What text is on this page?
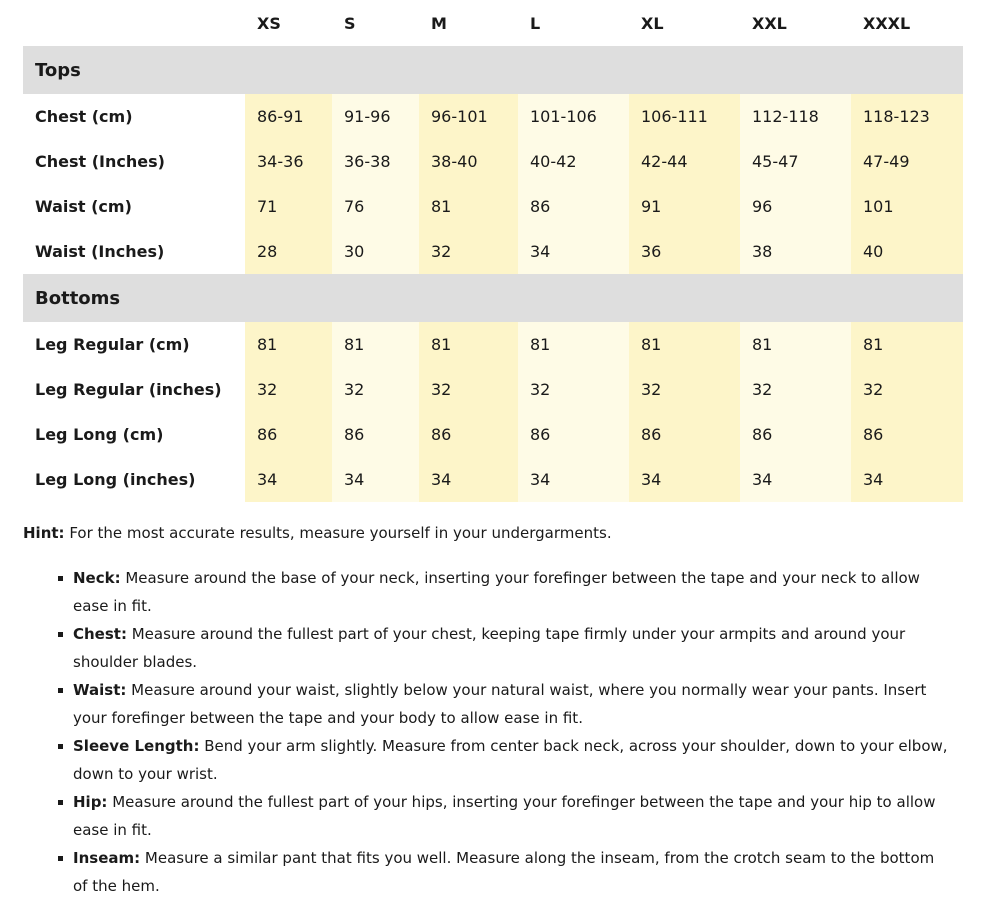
	XS	S	M	L	XL	XXL	XXXL
Tops							
Chest (cm)	86-91	91-96	96-101	101-106	106-111	112-118	118-123
Chest (Inches)	34-36	36-38	38-40	40-42	42-44	45-47	47-49
Waist (cm)	71	76	81	86	91	96	101
Waist (Inches)	28	30	32	34	36	38	40
Bottoms							
Leg Regular (cm)	81	81	81	81	81	81	81
Leg Regular (inches)	32	32	32	32	32	32	32
Leg Long (cm)	86	86	86	86	86	86	86
Leg Long (inches)	34	34	34	34	34	34	34

Hint: For the most accurate results, measure yourself in your undergarments.

Neck: Measure around the base of your neck, inserting your forefinger between the tape and your neck to allow ease in fit.
Chest: Measure around the fullest part of your chest, keeping tape firmly under your armpits and around your shoulder blades.
Waist: Measure around your waist, slightly below your natural waist, where you normally wear your pants. Insert your forefinger between the tape and your body to allow ease in fit.
Sleeve Length: Bend your arm slightly. Measure from center back neck, across your shoulder, down to your elbow, down to your wrist.
Hip: Measure around the fullest part of your hips, inserting your forefinger between the tape and your hip to allow ease in fit.
Inseam: Measure a similar pant that fits you well. Measure along the inseam, from the crotch seam to the bottom of the hem.
